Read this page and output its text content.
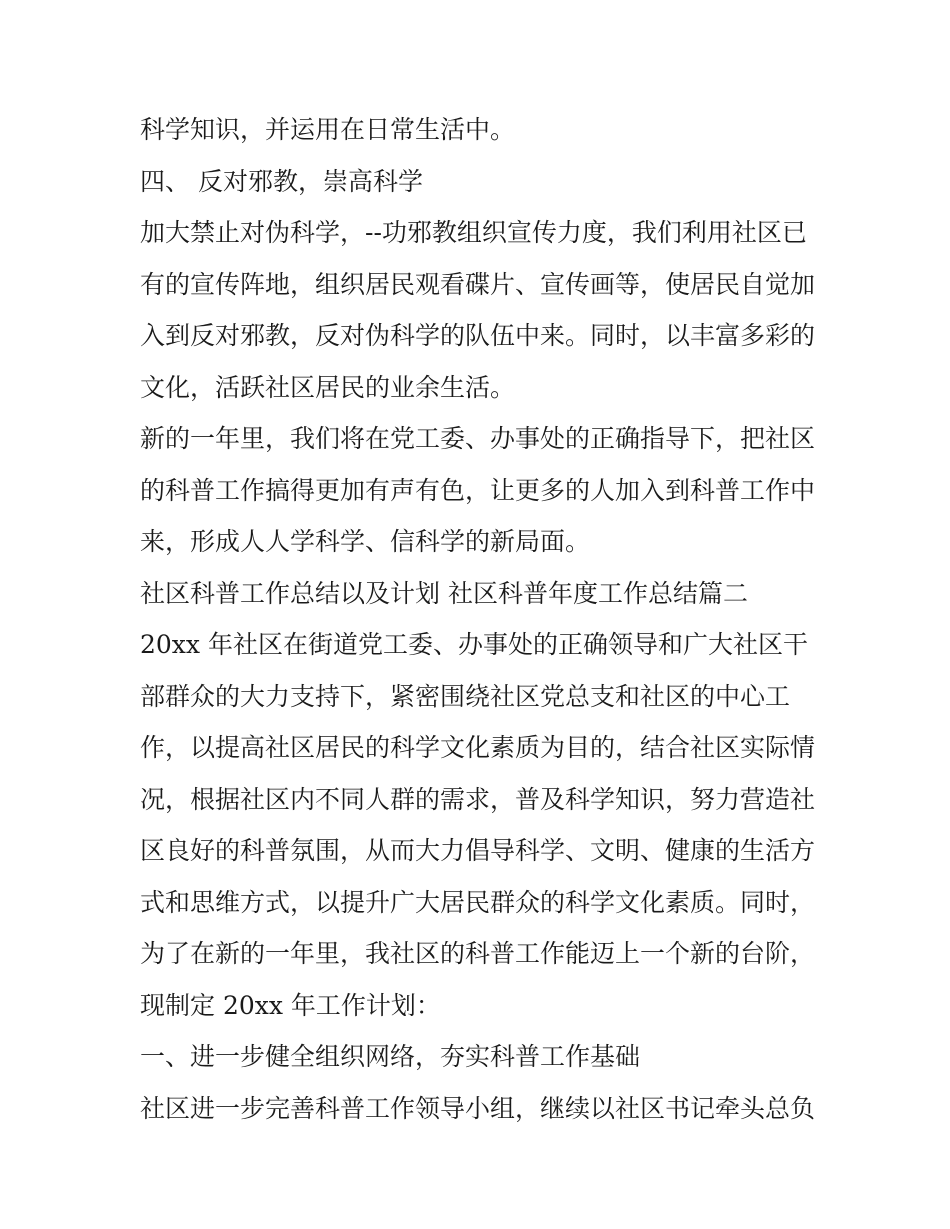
科学知识，并运用在日常生活中。

四、 反对邪教，崇高科学

加大禁止对伪科学，--功邪教组织宣传力度，我们利用社区已

有的宣传阵地，组织居民观看碟片、宣传画等，使居民自觉加

入到反对邪教，反对伪科学的队伍中来。同时，以丰富多彩的

文化，活跃社区居民的业余生活。

新的一年里，我们将在党工委、办事处的正确指导下，把社区

的科普工作搞得更加有声有色，让更多的人加入到科普工作中

来，形成人人学科学、信科学的新局面。

社区科普工作总结以及计划 社区科普年度工作总结篇二

20xx 年社区在街道党工委、办事处的正确领导和广大社区干

部群众的大力支持下，紧密围绕社区党总支和社区的中心工

作，以提高社区居民的科学文化素质为目的，结合社区实际情

况，根据社区内不同人群的需求，普及科学知识，努力营造社

区良好的科普氛围，从而大力倡导科学、文明、健康的生活方

式和思维方式，以提升广大居民群众的科学文化素质。同时，

为了在新的一年里，我社区的科普工作能迈上一个新的台阶，

现制定 20xx 年工作计划：

一、进一步健全组织网络，夯实科普工作基础

社区进一步完善科普工作领导小组，继续以社区书记牵头总负
